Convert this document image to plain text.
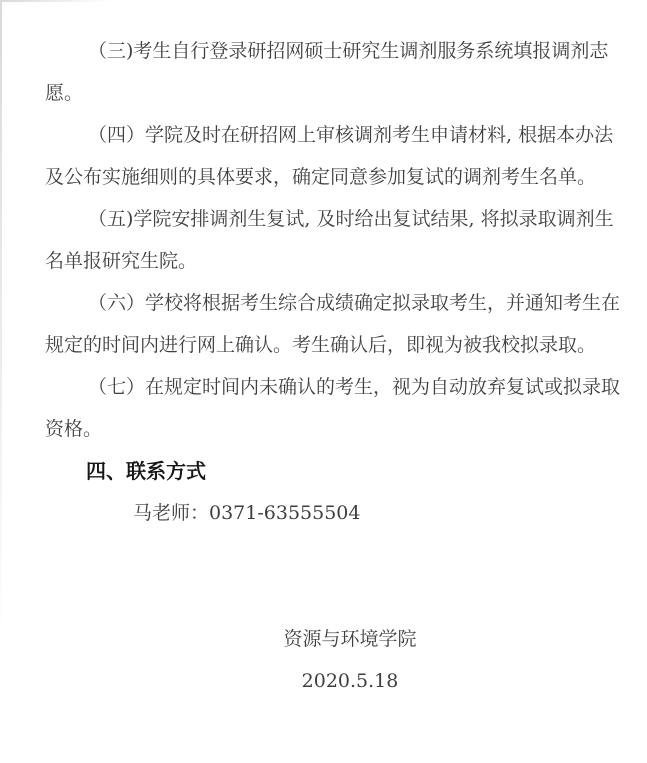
（三)考生自行登录研招网硕士研究生调剂服务系统填报调剂志
愿。
（四）学院及时在研招网上审核调剂考生申请材料, 根据本办法
及公布实施细则的具体要求，确定同意参加复试的调剂考生名单。
（五)学院安排调剂生复试, 及时给出复试结果, 将拟录取调剂生
名单报研究生院。
（六）学校将根据考生综合成绩确定拟录取考生，并通知考生在
规定的时间内进行网上确认。考生确认后，即视为被我校拟录取。
（七）在规定时间内未确认的考生，视为自动放弃复试或拟录取
资格。
四、联系方式
马老师：0371-63555504
资源与环境学院
2020.5.18
